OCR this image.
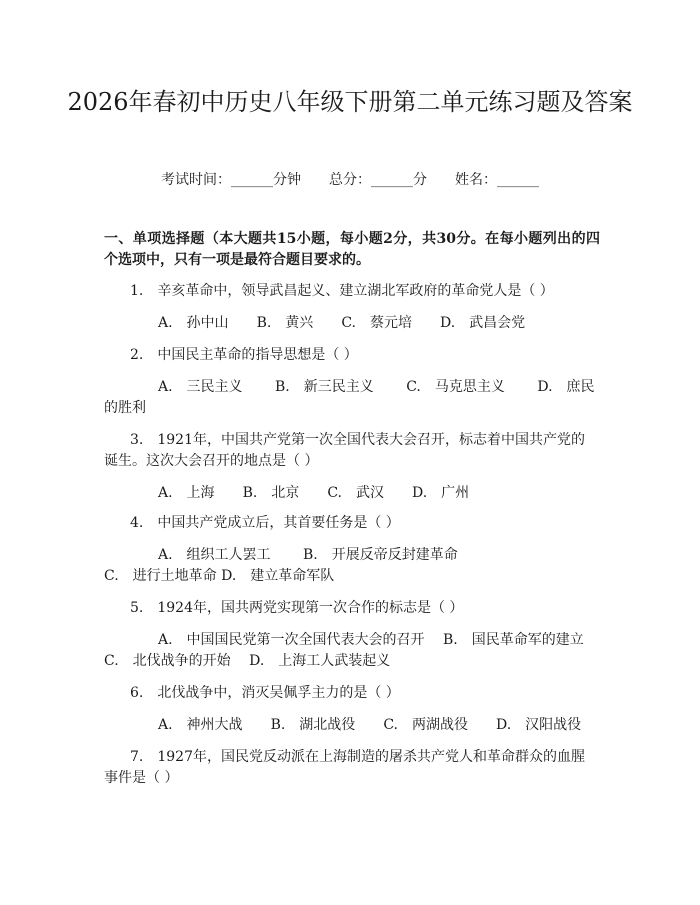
2026年春初中历史八年级下册第二单元练习题及答案
考试时间：______分钟　　总分：______分　　姓名：______

一、单项选择题（本大题共15小题，每小题2分，共30分。在每小题列出的四个选项中，只有一项是最符合题目要求的。

1.　辛亥革命中，领导武昌起义、建立湖北军政府的革命党人是（ ）

A.　孙中山　　 B.　黄兴　　 C.　蔡元培　　 D.　武昌会党

2.　中国民主革命的指导思想是（ ）

A.　三民主义　　 B.　新三民主义　　 C.　马克思主义　　 D.　庶民的胜利

3.　1921年，中国共产党第一次全国代表大会召开，标志着中国共产党的诞生。这次大会召开的地点是（ ）

A.　上海　　 B.　北京　　 C.　武汉　　 D.　广州

4.　中国共产党成立后，其首要任务是（ ）

A.　组织工人罢工　　 B.　开展反帝反封建革命　　 C.　进行土地革命 D.　建立革命军队

5.　1924年，国共两党实现第一次合作的标志是（ ）

A.　中国国民党第一次全国代表大会的召开　 B.　国民革命军的建立 C.　北伐战争的开始　 D.　上海工人武装起义

6.　北伐战争中，消灭吴佩孚主力的是（ ）

A.　神州大战　　 B.　湖北战役　　 C.　两湖战役　　 D.　汉阳战役

7.　1927年，国民党反动派在上海制造的屠杀共产党人和革命群众的血腥事件是（ ）
